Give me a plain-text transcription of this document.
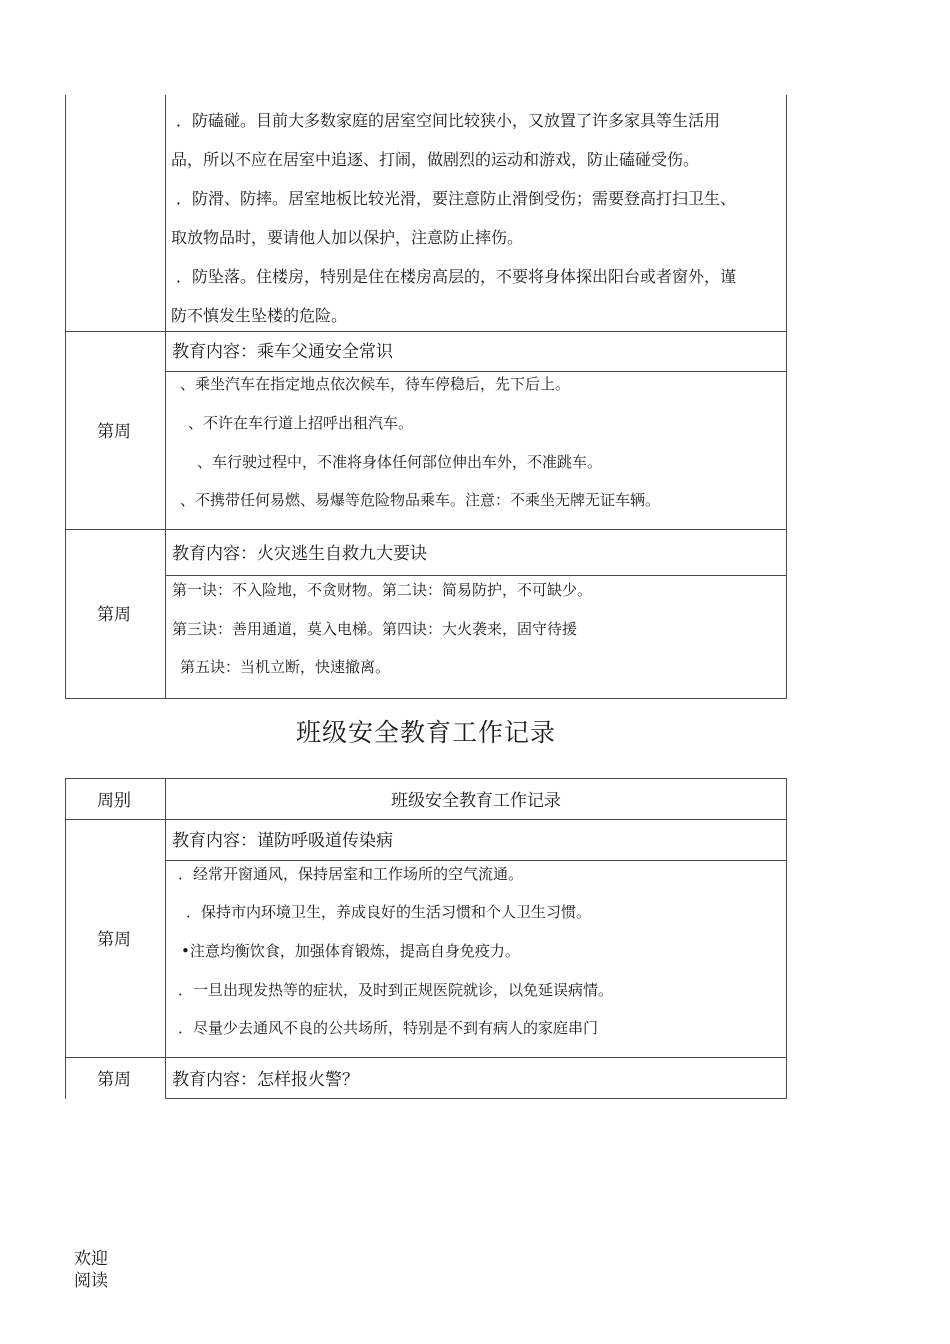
．防磕碰。目前大多数家庭的居室空间比较狭小，又放置了许多家具等生活用
品，所以不应在居室中追逐、打闹，做剧烈的运动和游戏，防止磕碰受伤。
．防滑、防摔。居室地板比较光滑，要注意防止滑倒受伤；需要登高打扫卫生、
取放物品时，要请他人加以保护，注意防止摔伤。
．防坠落。住楼房，特别是住在楼房高层的，不要将身体探出阳台或者窗外，谨
防不慎发生坠楼的危险。
第周
教育内容：乘车父通安全常识
、乘坐汽车在指定地点依次候车，待车停稳后，先下后上。
、不许在车行道上招呼出租汽车。
、车行驶过程中，不准将身体任何部位伸出车外，不准跳车。
、不携带任何易燃、易爆等危险物品乘车。注意：不乘坐无牌无证车辆。
第周
教育内容：火灾逃生自救九大要诀
第一诀：不入险地，不贪财物。第二诀：简易防护，不可缺少。
第三诀：善用通道，莫入电梯。第四诀：大火袭来，固守待援
第五诀：当机立断，快速撤离。
班级安全教育工作记录
周别	班级安全教育工作记录
第周
教育内容：谨防呼吸道传染病
．经常开窗通风，保持居室和工作场所的空气流通。
．保持市内环境卫生，养成良好的生活习惯和个人卫生习惯。
•注意均衡饮食，加强体育锻炼，提高自身免疫力。
．一旦出现发热等的症状，及时到正规医院就诊，以免延误病情。
．尽量少去通风不良的公共场所，特别是不到有病人的家庭串门
第周 教育内容：怎样报火警？
欢迎
阅读
